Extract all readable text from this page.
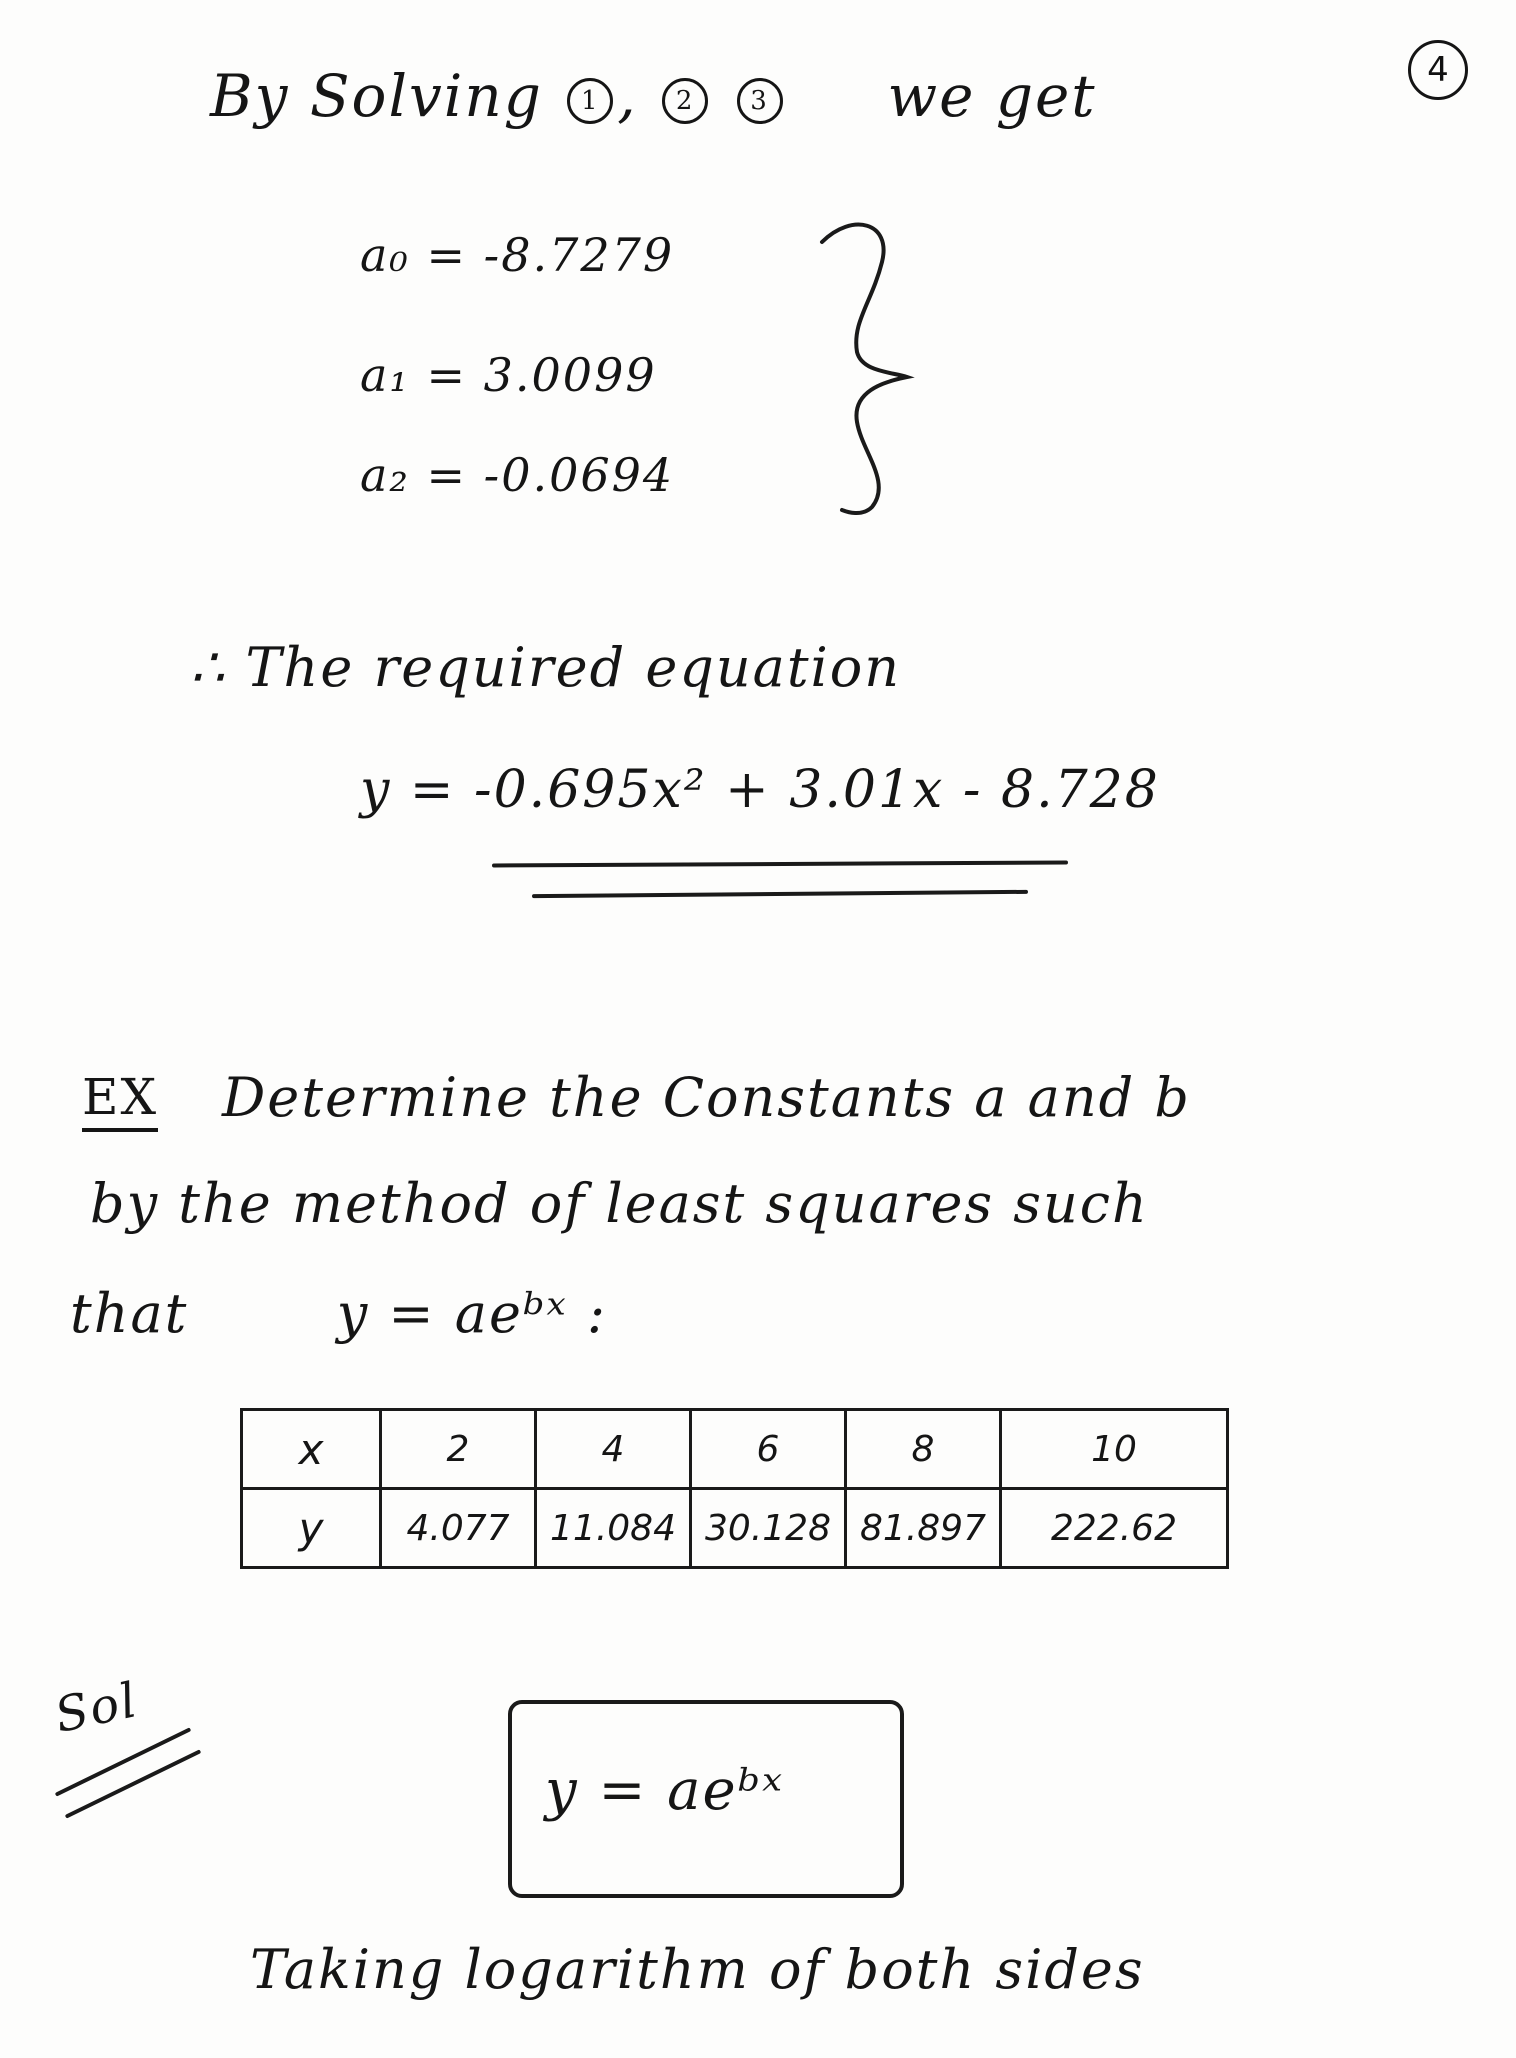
4
By Solving 1 , 2 3 we get
a₀ = -8.7279
a₁ = 3.0099
a₂ = -0.0694
∴ The required equation
y = -0.695x² + 3.01x - 8.728
EX Determine the Constants a and b
by the method of least squares such
that	y = aeᵇˣ :
x	2	4	6	8	10
y	4.077	11.084	30.128	81.897	222.62
Sol
y = aeᵇˣ
Taking logarithm of both sides
